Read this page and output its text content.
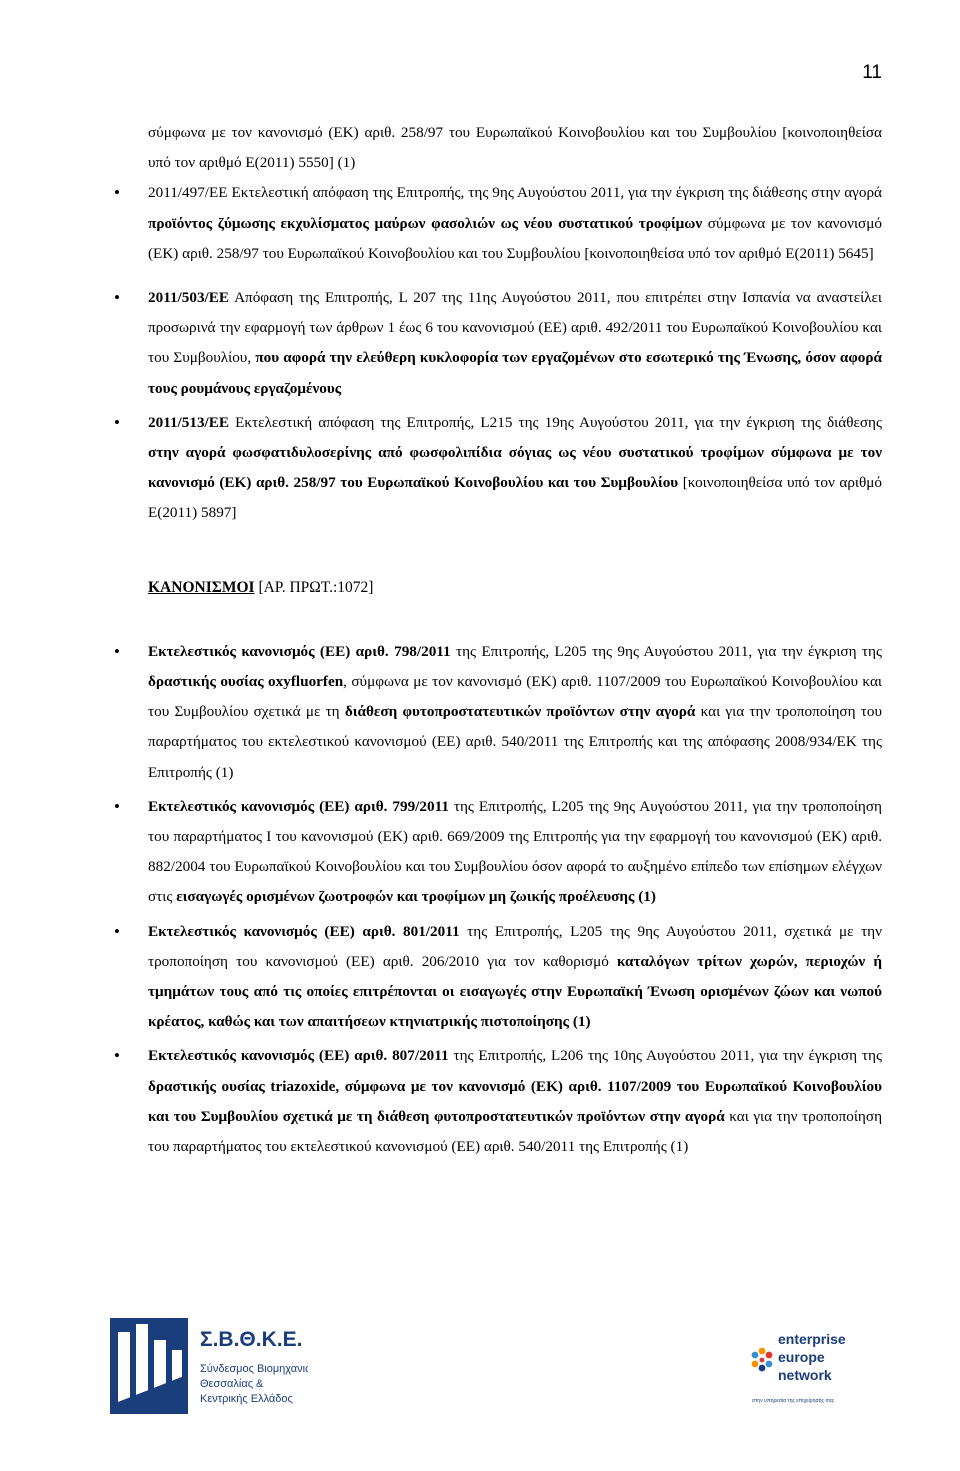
11

σύμφωνα με τον κανονισμό (ΕΚ) αριθ. 258/97 του Ευρωπαϊκού Κοινοβουλίου και του Συμβουλίου [κοινοποιηθείσα υπό τον αριθμό Ε(2011) 5550] (1)

• 2011/497/ΕΕ Εκτελεστική απόφαση της Επιτροπής, της 9ης Αυγούστου 2011, για την έγκριση της διάθεσης στην αγορά προϊόντος ζύμωσης εκχυλίσματος μαύρων φασολιών ως νέου συστατικού τροφίμων σύμφωνα με τον κανονισμό (ΕΚ) αριθ. 258/97 του Ευρωπαϊκού Κοινοβουλίου και του Συμβουλίου [κοινοποιηθείσα υπό τον αριθμό Ε(2011) 5645]

• 2011/503/ΕΕ Απόφαση της Επιτροπής, L 207 της 11ης Αυγούστου 2011, που επιτρέπει στην Ισπανία να αναστείλει προσωρινά την εφαρμογή των άρθρων 1 έως 6 του κανονισμού (ΕΕ) αριθ. 492/2011 του Ευρωπαϊκού Κοινοβουλίου και του Συμβουλίου, που αφορά την ελεύθερη κυκλοφορία των εργαζομένων στο εσωτερικό της Ένωσης, όσον αφορά τους ρουμάνους εργαζομένους

• 2011/513/ΕΕ Εκτελεστική απόφαση της Επιτροπής, L215 της 19ης Αυγούστου 2011, για την έγκριση της διάθεσης στην αγορά φωσφατιδυλοσερίνης από φωσφολιπίδια σόγιας ως νέου συστατικού τροφίμων σύμφωνα με τον κανονισμό (ΕΚ) αριθ. 258/97 του Ευρωπαϊκού Κοινοβουλίου και του Συμβουλίου [κοινοποιηθείσα υπό τον αριθμό Ε(2011) 5897]

ΚΑΝΟΝΙΣΜΟΙ [ΑΡ. ΠΡΩΤ.:1072]

• Εκτελεστικός κανονισμός (ΕΕ) αριθ. 798/2011 της Επιτροπής, L205 της 9ης Αυγούστου 2011, για την έγκριση της δραστικής ουσίας oxyfluorfen, σύμφωνα με τον κανονισμό (ΕΚ) αριθ. 1107/2009 του Ευρωπαϊκού Κοινοβουλίου και του Συμβουλίου σχετικά με τη διάθεση φυτοπροστατευτικών προϊόντων στην αγορά και για την τροποποίηση του παραρτήματος του εκτελεστικού κανονισμού (ΕΕ) αριθ. 540/2011 της Επιτροπής και της απόφασης 2008/934/ΕΚ της Επιτροπής (1)

• Εκτελεστικός κανονισμός (ΕΕ) αριθ. 799/2011 της Επιτροπής, L205 της 9ης Αυγούστου 2011, για την τροποποίηση του παραρτήματος I του κανονισμού (ΕΚ) αριθ. 669/2009 της Επιτροπής για την εφαρμογή του κανονισμού (ΕΚ) αριθ. 882/2004 του Ευρωπαϊκού Κοινοβουλίου και του Συμβουλίου όσον αφορά το αυξημένο επίπεδο των επίσημων ελέγχων στις εισαγωγές ορισμένων ζωοτροφών και τροφίμων μη ζωικής προέλευσης (1)

• Εκτελεστικός κανονισμός (ΕΕ) αριθ. 801/2011 της Επιτροπής, L205 της 9ης Αυγούστου 2011, σχετικά με την τροποποίηση του κανονισμού (ΕΕ) αριθ. 206/2010 για τον καθορισμό καταλόγων τρίτων χωρών, περιοχών ή τμημάτων τους από τις οποίες επιτρέπονται οι εισαγωγές στην Ευρωπαϊκή Ένωση ορισμένων ζώων και νωπού κρέατος, καθώς και των απαιτήσεων κτηνιατρικής πιστοποίησης (1)

• Εκτελεστικός κανονισμός (ΕΕ) αριθ. 807/2011 της Επιτροπής, L206 της 10ης Αυγούστου 2011, για την έγκριση της δραστικής ουσίας triazoxide, σύμφωνα με τον κανονισμό (ΕΚ) αριθ. 1107/2009 του Ευρωπαϊκού Κοινοβουλίου και του Συμβουλίου σχετικά με τη διάθεση φυτοπροστατευτικών προϊόντων στην αγορά και για την τροποποίηση του παραρτήματος του εκτελεστικού κανονισμού (ΕΕ) αριθ. 540/2011 της Επιτροπής (1)

Σ.Β.Θ.Κ.Ε.
Σύνδεσμος Βιομηχανιών
Θεσσαλίας &
Κεντρικής Ελλάδος
enterprise
europe
network
στην υπηρεσία της επιχείρησής σας
